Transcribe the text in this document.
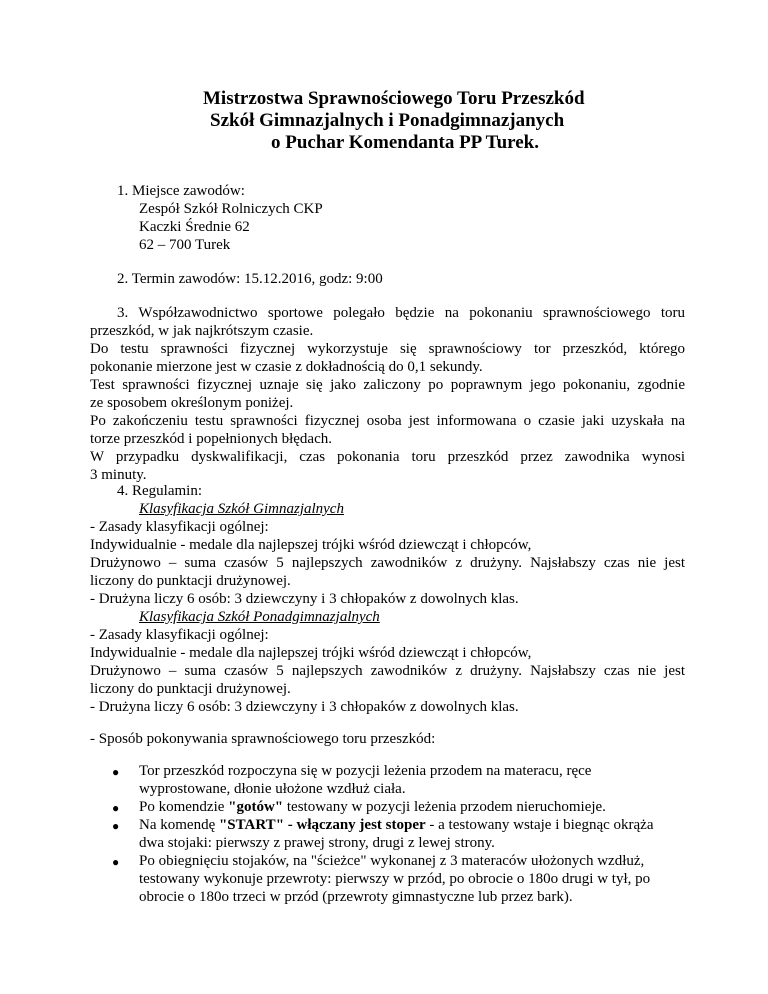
Mistrzostwa Sprawnościowego Toru Przeszkód
Szkół Gimnazjalnych i Ponadgimnazjanych
o Puchar Komendanta PP Turek.
1. Miejsce zawodów:
Zespół Szkół Rolniczych CKP
Kaczki Średnie 62
62 – 700 Turek
2. Termin zawodów: 15.12.2016, godz: 9:00
3. Współzawodnictwo sportowe polegało będzie na pokonaniu sprawnościowego toru
przeszkód, w jak najkrótszym czasie.
Do testu sprawności fizycznej wykorzystuje się sprawnościowy tor przeszkód, którego
pokonanie mierzone jest w czasie z dokładnością do 0,1 sekundy.
Test sprawności fizycznej uznaje się jako zaliczony po poprawnym jego pokonaniu, zgodnie
ze sposobem określonym poniżej.
Po zakończeniu testu sprawności fizycznej osoba jest informowana o czasie jaki uzyskała na
torze przeszkód i popełnionych błędach.
W przypadku dyskwalifikacji, czas pokonania toru przeszkód przez zawodnika wynosi
3 minuty.
4. Regulamin:
Klasyfikacja Szkół Gimnazjalnych
- Zasady klasyfikacji ogólnej:
Indywidualnie - medale dla najlepszej trójki wśród dziewcząt i chłopców,
Drużynowo – suma czasów 5 najlepszych zawodników z drużyny. Najsłabszy czas nie jest
liczony do punktacji drużynowej.
- Drużyna liczy 6 osób: 3 dziewczyny i 3 chłopaków z dowolnych klas.
Klasyfikacja Szkół Ponadgimnazjalnych
- Zasady klasyfikacji ogólnej:
Indywidualnie - medale dla najlepszej trójki wśród dziewcząt i chłopców,
Drużynowo – suma czasów 5 najlepszych zawodników z drużyny. Najsłabszy czas nie jest
liczony do punktacji drużynowej.
- Drużyna liczy 6 osób: 3 dziewczyny i 3 chłopaków z dowolnych klas.
- Sposób pokonywania sprawnościowego toru przeszkód:
● Tor przeszkód rozpoczyna się w pozycji leżenia przodem na materacu, ręce
wyprostowane, dłonie ułożone wzdłuż ciała.
● Po komendzie "gotów" testowany w pozycji leżenia przodem nieruchomieje.
● Na komendę "START" - włączany jest stoper - a testowany wstaje i biegnąc okrąża
dwa stojaki: pierwszy z prawej strony, drugi z lewej strony.
● Po obiegnięciu stojaków, na "ścieżce" wykonanej z 3 materaców ułożonych wzdłuż,
testowany wykonuje przewroty: pierwszy w przód, po obrocie o 180o drugi w tył, po
obrocie o 180o trzeci w przód (przewroty gimnastyczne lub przez bark).
